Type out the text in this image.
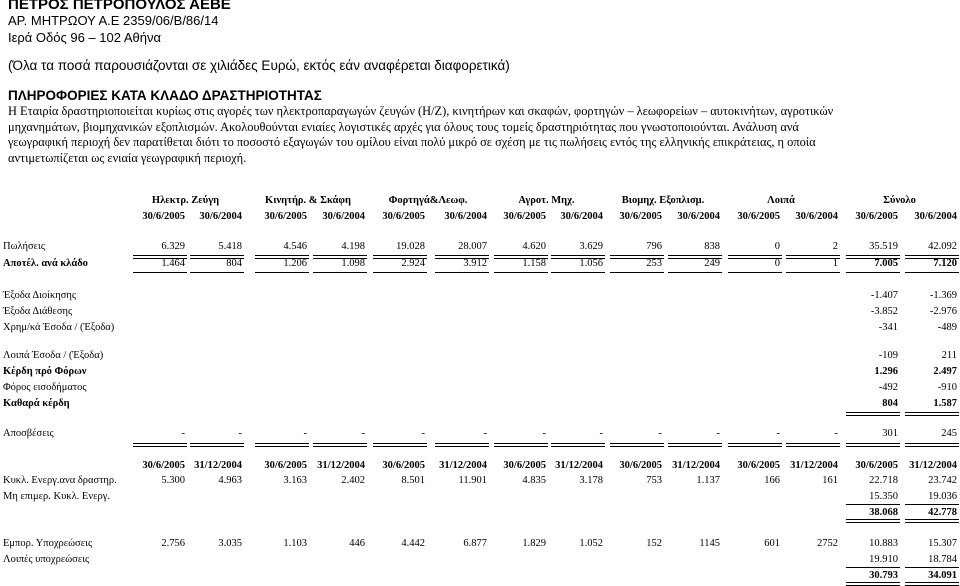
ΠΕΤΡΟΣ ΠΕΤΡΟΠΟΥΛΟΣ ΑΕΒΕ
ΑΡ. ΜΗΤΡΩΟΥ Α.Ε 2359/06/Β/86/14
Ιερά Οδός 96 – 102 Αθήνα
(Όλα τα ποσά παρουσιάζονται σε χιλιάδες Ευρώ, εκτός εάν αναφέρεται διαφορετικά)
ΠΛΗΡΟΦΟΡΙΕΣ ΚΑΤΑ ΚΛΑΔΟ ΔΡΑΣΤΗΡΙΟΤΗΤΑΣ
Η Εταιρία δραστηριοποιείται κυρίως στις αγορές των ηλεκτροπαραγωγών ζευγών (Η/Ζ), κινητήρων και σκαφών, φορτηγών – λεωφορείων – αυτοκινήτων, αγροτικών
μηχανημάτων, βιομηχανικών εξοπλισμών. Ακολουθούνται ενιαίες λογιστικές αρχές για όλους τους τομείς δραστηριότητας που γνωστοποιούνται. Ανάλυση ανά
γεωγραφική περιοχή δεν παρατίθεται διότι το ποσοστό εξαγωγών του ομίλου είναι πολύ μικρό σε σχέση με τις πωλήσεις εντός της ελληνικής επικράτειας, η οποία
αντιμετωπίζεται ως ενιαία γεωγραφική περιοχή.
Ηλεκτρ. Ζεύγη	Κινητήρ. & Σκάφη	Φορτηγά&Λεωφ.	Αγροτ. Μηχ.	Βιομηχ. Εξοπλισμ.	Λοιπά	Σύνολο
30/6/2005	30/6/2004	30/6/2005	30/6/2004	30/6/2005	30/6/2004	30/6/2005	30/6/2004	30/6/2005	30/6/2004	30/6/2005	30/6/2004	30/6/2005	30/6/2004
Πωλήσεις	6.329	5.418	4.546	4.198	19.028	28.007	4.620	3.629	796	838	0	2	35.519	42.092
Αποτέλ. ανά κλάδο	1.464	804	1.206	1.098	2.924	3.912	1.158	1.056	253	249	0	1	7.005	7.120
Έξοδα Διοίκησης	-1.407	-1.369
Έξοδα Διάθεσης	-3.852	-2.976
Χρημ/κά Έσοδα / (Έξοδα)	-341	-489
Λοιπά Έσοδα / (Έξοδα)	-109	211
Κέρδη πρό Φόρων	1.296	2.497
Φόρος εισοδήματος	-492	-910
Καθαρά κέρδη	804	1.587
Αποσβέσεις	-	-	-	-	-	-	-	-	-	-	-	-	301	245
30/6/2005 31/12/2004	30/6/2005 31/12/2004	30/6/2005	31/12/2004	30/6/2005 31/12/2004	30/6/2005 31/12/2004	30/6/2005 31/12/2004	30/6/2005	31/12/2004
Κυκλ. Ενεργ.ανα δραστηρ.	5.300	4.963	3.163	2.402	8.501	11.901	4.835	3.178	753	1.137	166	161	22.718	23.742
Μη επιμερ. Κυκλ. Ενεργ.	15.350	19.036
38.068	42.778
Εμπορ. Υποχρεώσεις	2.756	3.035	1.103	446	4.442	6.877	1.829	1.052	152	1145	601	2752	10.883	15.307
Λοιπές υποχρεώσεις	19.910	18.784
30.793	34.091
